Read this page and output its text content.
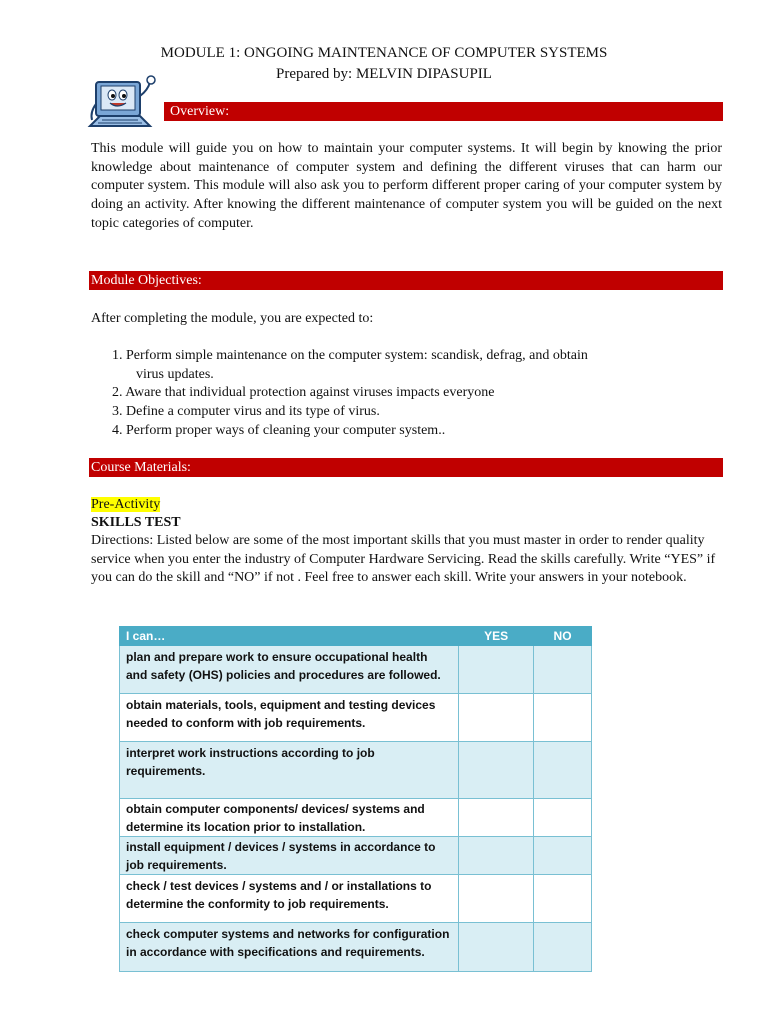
MODULE 1: ONGOING MAINTENANCE OF COMPUTER SYSTEMS
Prepared by: MELVIN DIPASUPIL
Overview:
This module will guide you on how to maintain your computer systems. It will begin by knowing the prior knowledge about maintenance of computer system and defining the different viruses that can harm our computer system. This module will also ask you to perform different proper caring of your computer system by doing an activity. After knowing the different maintenance of computer system you will be guided on the next topic categories of computer.
Module Objectives:
After completing the module, you are expected to:
1. Perform simple maintenance on the computer system: scandisk, defrag, and obtain
virus updates.
2. Aware that individual protection against viruses impacts everyone
3. Define a computer virus and its type of virus.
4. Perform proper ways of cleaning your computer system..
Course Materials:
Pre-Activity
SKILLS TEST
Directions: Listed below are some of the most important skills that you must master in order to render quality service when you enter the industry of Computer Hardware Servicing. Read the skills carefully. Write “YES” if you can do the skill and “NO” if not . Feel free to answer each skill. Write your answers in your notebook.
I can…	YES	NO

plan and prepare work to ensure occupational health
and safety (OHS) policies and procedures are followed.		

obtain materials, tools, equipment and testing devices
needed to conform with job requirements.		

interpret work instructions according to job
requirements.		

obtain computer components/ devices/ systems and
determine its location prior to installation.		

install equipment / devices / systems in accordance to
job requirements.		

check / test devices / systems and / or installations to
determine the conformity to job requirements.		

check computer systems and networks for configuration
in accordance with specifications and requirements.		
